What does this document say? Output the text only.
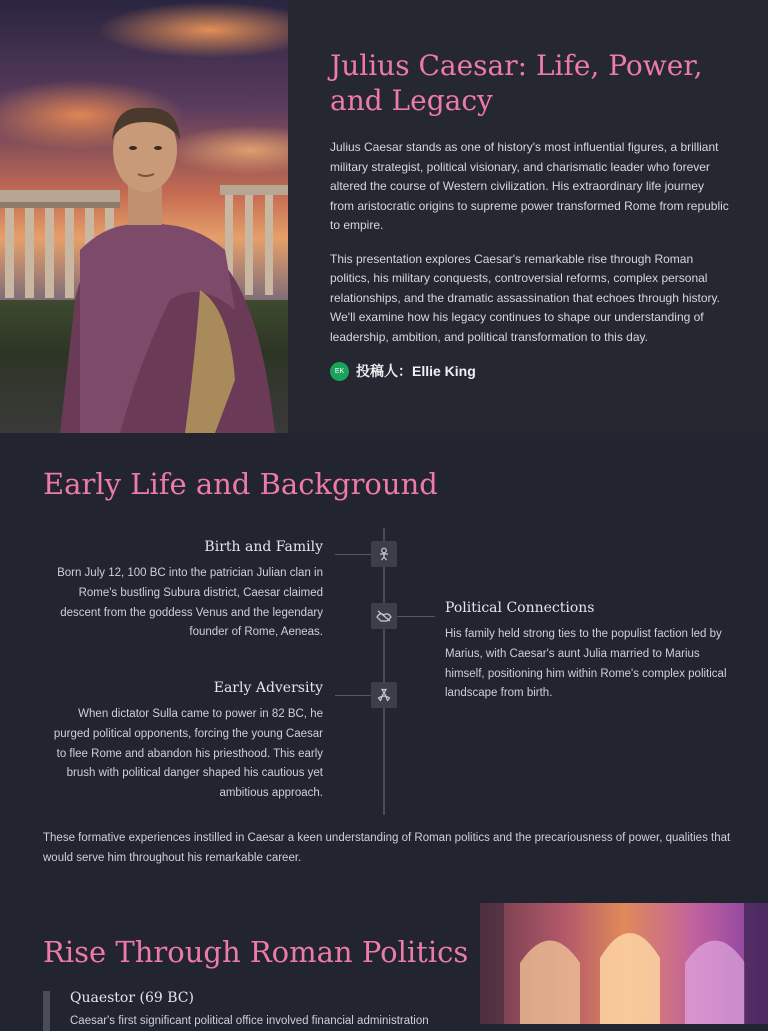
Julius Caesar: Life, Power, and Legacy

Julius Caesar stands as one of history's most influential figures, a brilliant military strategist, political visionary, and charismatic leader who forever altered the course of Western civilization. His extraordinary life journey from aristocratic origins to supreme power transformed Rome from republic to empire.

This presentation explores Caesar's remarkable rise through Roman politics, his military conquests, controversial reforms, complex personal relationships, and the dramatic assassination that echoes through history. We'll examine how his legacy continues to shape our understanding of leadership, ambition, and political transformation to this day.

EK 投稿人：Ellie King
Early Life and Background
Birth and Family
Born July 12, 100 BC into the patrician Julian clan in Rome's bustling Subura district, Caesar claimed descent from the goddess Venus and the legendary founder of Rome, Aeneas.
Political Connections
His family held strong ties to the populist faction led by Marius, with Caesar's aunt Julia married to Marius himself, positioning him within Rome's complex political landscape from birth.
Early Adversity
When dictator Sulla came to power in 82 BC, he purged political opponents, forcing the young Caesar to flee Rome and abandon his priesthood. This early brush with political danger shaped his cautious yet ambitious approach.
These formative experiences instilled in Caesar a keen understanding of Roman politics and the precariousness of power, qualities that would serve him throughout his remarkable career.
Rise Through Roman Politics
Quaestor (69 BC)
Caesar's first significant political office involved financial administration
